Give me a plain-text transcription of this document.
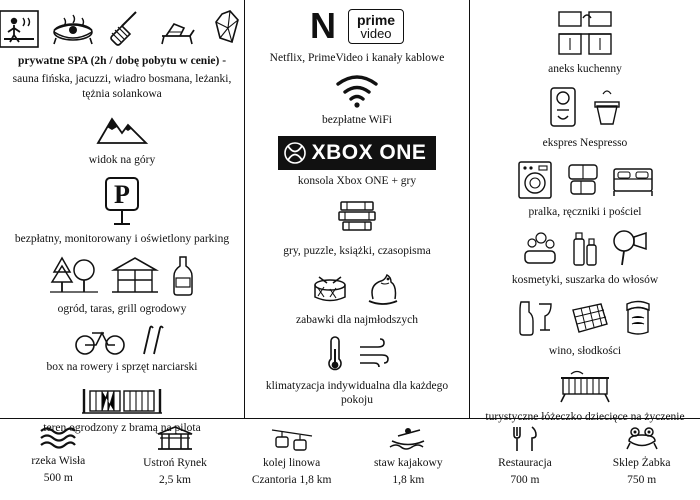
prywatne SPA (2h / dobę pobytu w cenie) -
sauna fińska, jacuzzi, wiadro bosmana, leżanki, tężnia solankowa
widok na góry
P
bezpłatny, monitorowany i oświetlony parking
ogród, taras, grill ogrodowy
box na rowery i sprzęt narciarski
teren ogrodzony z bramą na pilota
N prime
video
Netflix, PrimeVideo i kanały kablowe
bezpłatne WiFi
XBOX ONE
konsola Xbox ONE + gry
gry, puzzle, książki, czasopisma
zabawki dla najmłodszych
klimatyzacja indywidualna dla każdego pokoju
aneks kuchenny
ekspres Nespresso
pralka, ręczniki i pościel
kosmetyki, suszarka do włosów
wino, słodkości
turystyczne łóżeczko dziecięce na życzenie
rzeka Wisła
500 m
Ustroń Rynek
2,5 km
kolej linowa
Czantoria 1,8 km
staw kajakowy
1,8 km
Restauracja
700 m
Sklep Żabka
750 m
